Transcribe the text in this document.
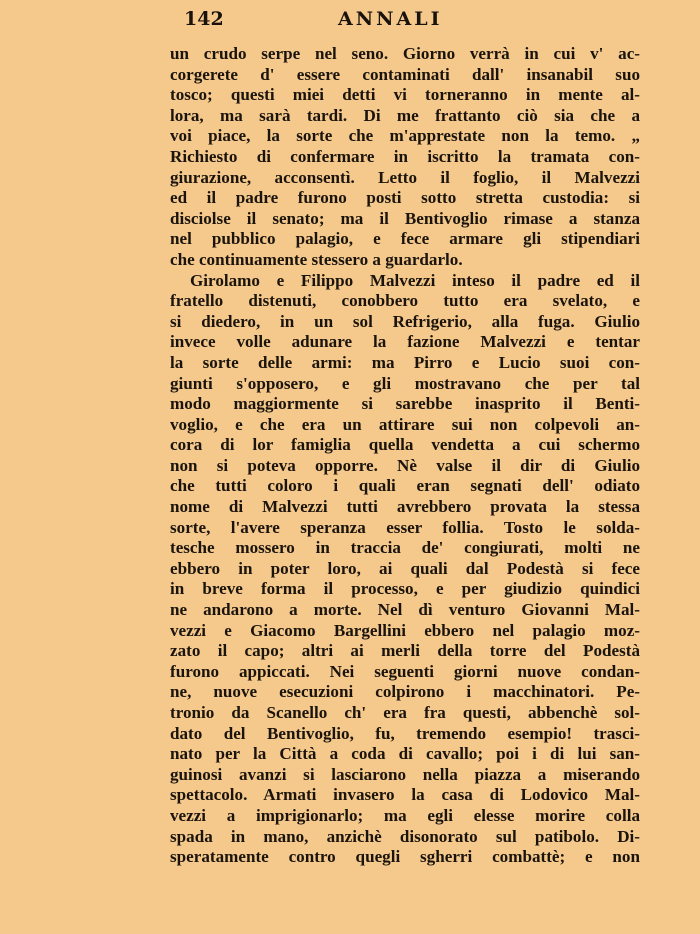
142	ANNALI
un crudo serpe nel seno. Giorno verrà in cui v' ac-
corgerete d' essere contaminati dall' insanabil suo
tosco; questi miei detti vi torneranno in mente al-
lora, ma sarà tardi. Di me frattanto ciò sia che a
voi piace, la sorte che m'apprestate non la temo. „
Richiesto di confermare in iscritto la tramata con-
giurazione, acconsentì. Letto il foglio, il Malvezzi
ed il padre furono posti sotto stretta custodia: si
disciolse il senato; ma il Bentivoglio rimase a stanza
nel pubblico palagio, e fece armare gli stipendiari
che continuamente stessero a guardarlo.
Girolamo e Filippo Malvezzi inteso il padre ed il
fratello distenuti, conobbero tutto era svelato, e
si diedero, in un sol Refrigerio, alla fuga. Giulio
invece volle adunare la fazione Malvezzi e tentar
la sorte delle armi: ma Pirro e Lucio suoi con-
giunti s'opposero, e gli mostravano che per tal
modo maggiormente si sarebbe inasprito il Benti-
voglio, e che era un attirare sui non colpevoli an-
cora di lor famiglia quella vendetta a cui schermo
non si poteva opporre. Nè valse il dir di Giulio
che tutti coloro i quali eran segnati dell' odiato
nome di Malvezzi tutti avrebbero provata la stessa
sorte, l'avere speranza esser follia. Tosto le solda-
tesche mossero in traccia de' congiurati, molti ne
ebbero in poter loro, ai quali dal Podestà si fece
in breve forma il processo, e per giudizio quindici
ne andarono a morte. Nel dì venturo Giovanni Mal-
vezzi e Giacomo Bargellini ebbero nel palagio moz-
zato il capo; altri ai merli della torre del Podestà
furono appiccati. Nei seguenti giorni nuove condan-
ne, nuove esecuzioni colpirono i macchinatori. Pe-
tronio da Scanello ch' era fra questi, abbenchè sol-
dato del Bentivoglio, fu, tremendo esempio! trasci-
nato per la Città a coda di cavallo; poi i di lui san-
guinosi avanzi si lasciarono nella piazza a miserando
spettacolo. Armati invasero la casa di Lodovico Mal-
vezzi a imprigionarlo; ma egli elesse morire colla
spada in mano, anzichè disonorato sul patibolo. Di-
speratamente contro quegli sgherri combattè; e non
